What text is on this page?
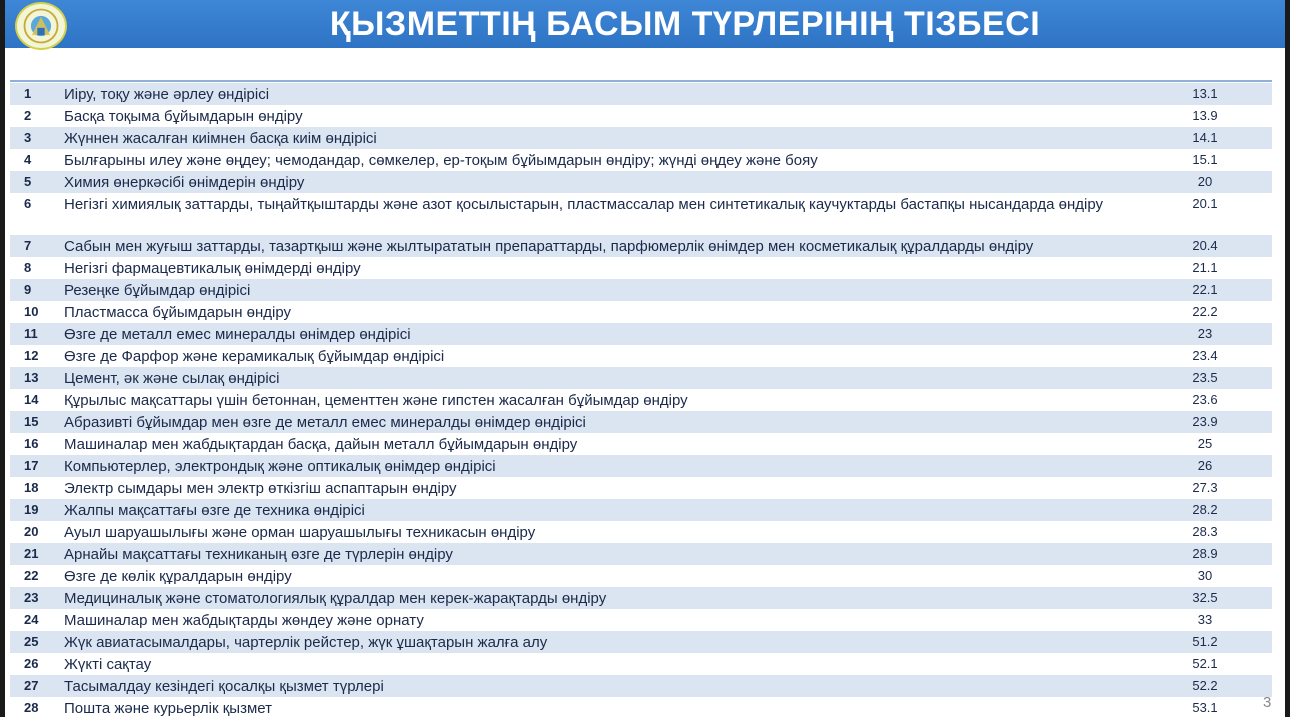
ҚЫЗМЕТТІҢ БАСЫМ ТҮРЛЕРІНІҢ ТІЗБЕСІ
1	Иіру, тоқу және әрлеу өндірісі	13.1
2	Басқа тоқыма бұйымдарын өндіру	13.9
3	Жүннен жасалған киімнен басқа киім өндірісі	14.1
4	Былғарыны илеу және өңдеу; чемодандар, сөмкелер, ер-тоқым бұйымдарын өндіру; жүнді өңдеу және бояу	15.1
5	Химия өнеркәсібі өнімдерін өндіру	20
6	Негізгі химиялық заттарды, тыңайтқыштарды және азот қосылыстарын, пластмассалар мен синтетикалық каучуктарды бастапқы нысандарда өндіру	20.1
7	Сабын мен жуғыш заттарды, тазартқыш және жылтырататын препараттарды, парфюмерлік өнімдер мен косметикалық құралдарды өндіру	20.4
8	Негізгі фармацевтикалық өнімдерді өндіру	21.1
9	Резеңке бұйымдар өндірісі	22.1
10	Пластмасса бұйымдарын өндіру	22.2
11	Өзге де металл емес минералды өнімдер өндірісі	23
12	Өзге де Фарфор және керамикалық бұйымдар өндірісі	23.4
13	Цемент, әк және сылақ өндірісі	23.5
14	Құрылыс мақсаттары үшін бетоннан, цементтен және гипстен жасалған бұйымдар өндіру	23.6
15	Абразивті бұйымдар мен өзге де металл емес минералды өнімдер өндірісі	23.9
16	Машиналар мен жабдықтардан басқа, дайын металл бұйымдарын өндіру	25
17	Компьютерлер, электрондық және оптикалық өнімдер өндірісі	26
18	Электр сымдары мен электр өткізгіш аспаптарын өндіру	27.3
19	Жалпы мақсаттағы өзге де техника өндірісі	28.2
20	Ауыл шаруашылығы және орман шаруашылығы техникасын өндіру	28.3
21	Арнайы мақсаттағы техниканың өзге де түрлерін өндіру	28.9
22	Өзге де көлік құралдарын өндіру	30
23	Медициналық және стоматологиялық құралдар мен керек-жарақтарды өндіру	32.5
24	Машиналар мен жабдықтарды жөндеу және орнату	33
25	Жүк авиатасымалдары, чартерлік рейстер, жүк ұшақтарын жалға алу	51.2
26	Жүкті сақтау	52.1
27	Тасымалдау кезіндегі қосалқы қызмет түрлері	52.2
28	Пошта және курьерлік қызмет	53.1	3
